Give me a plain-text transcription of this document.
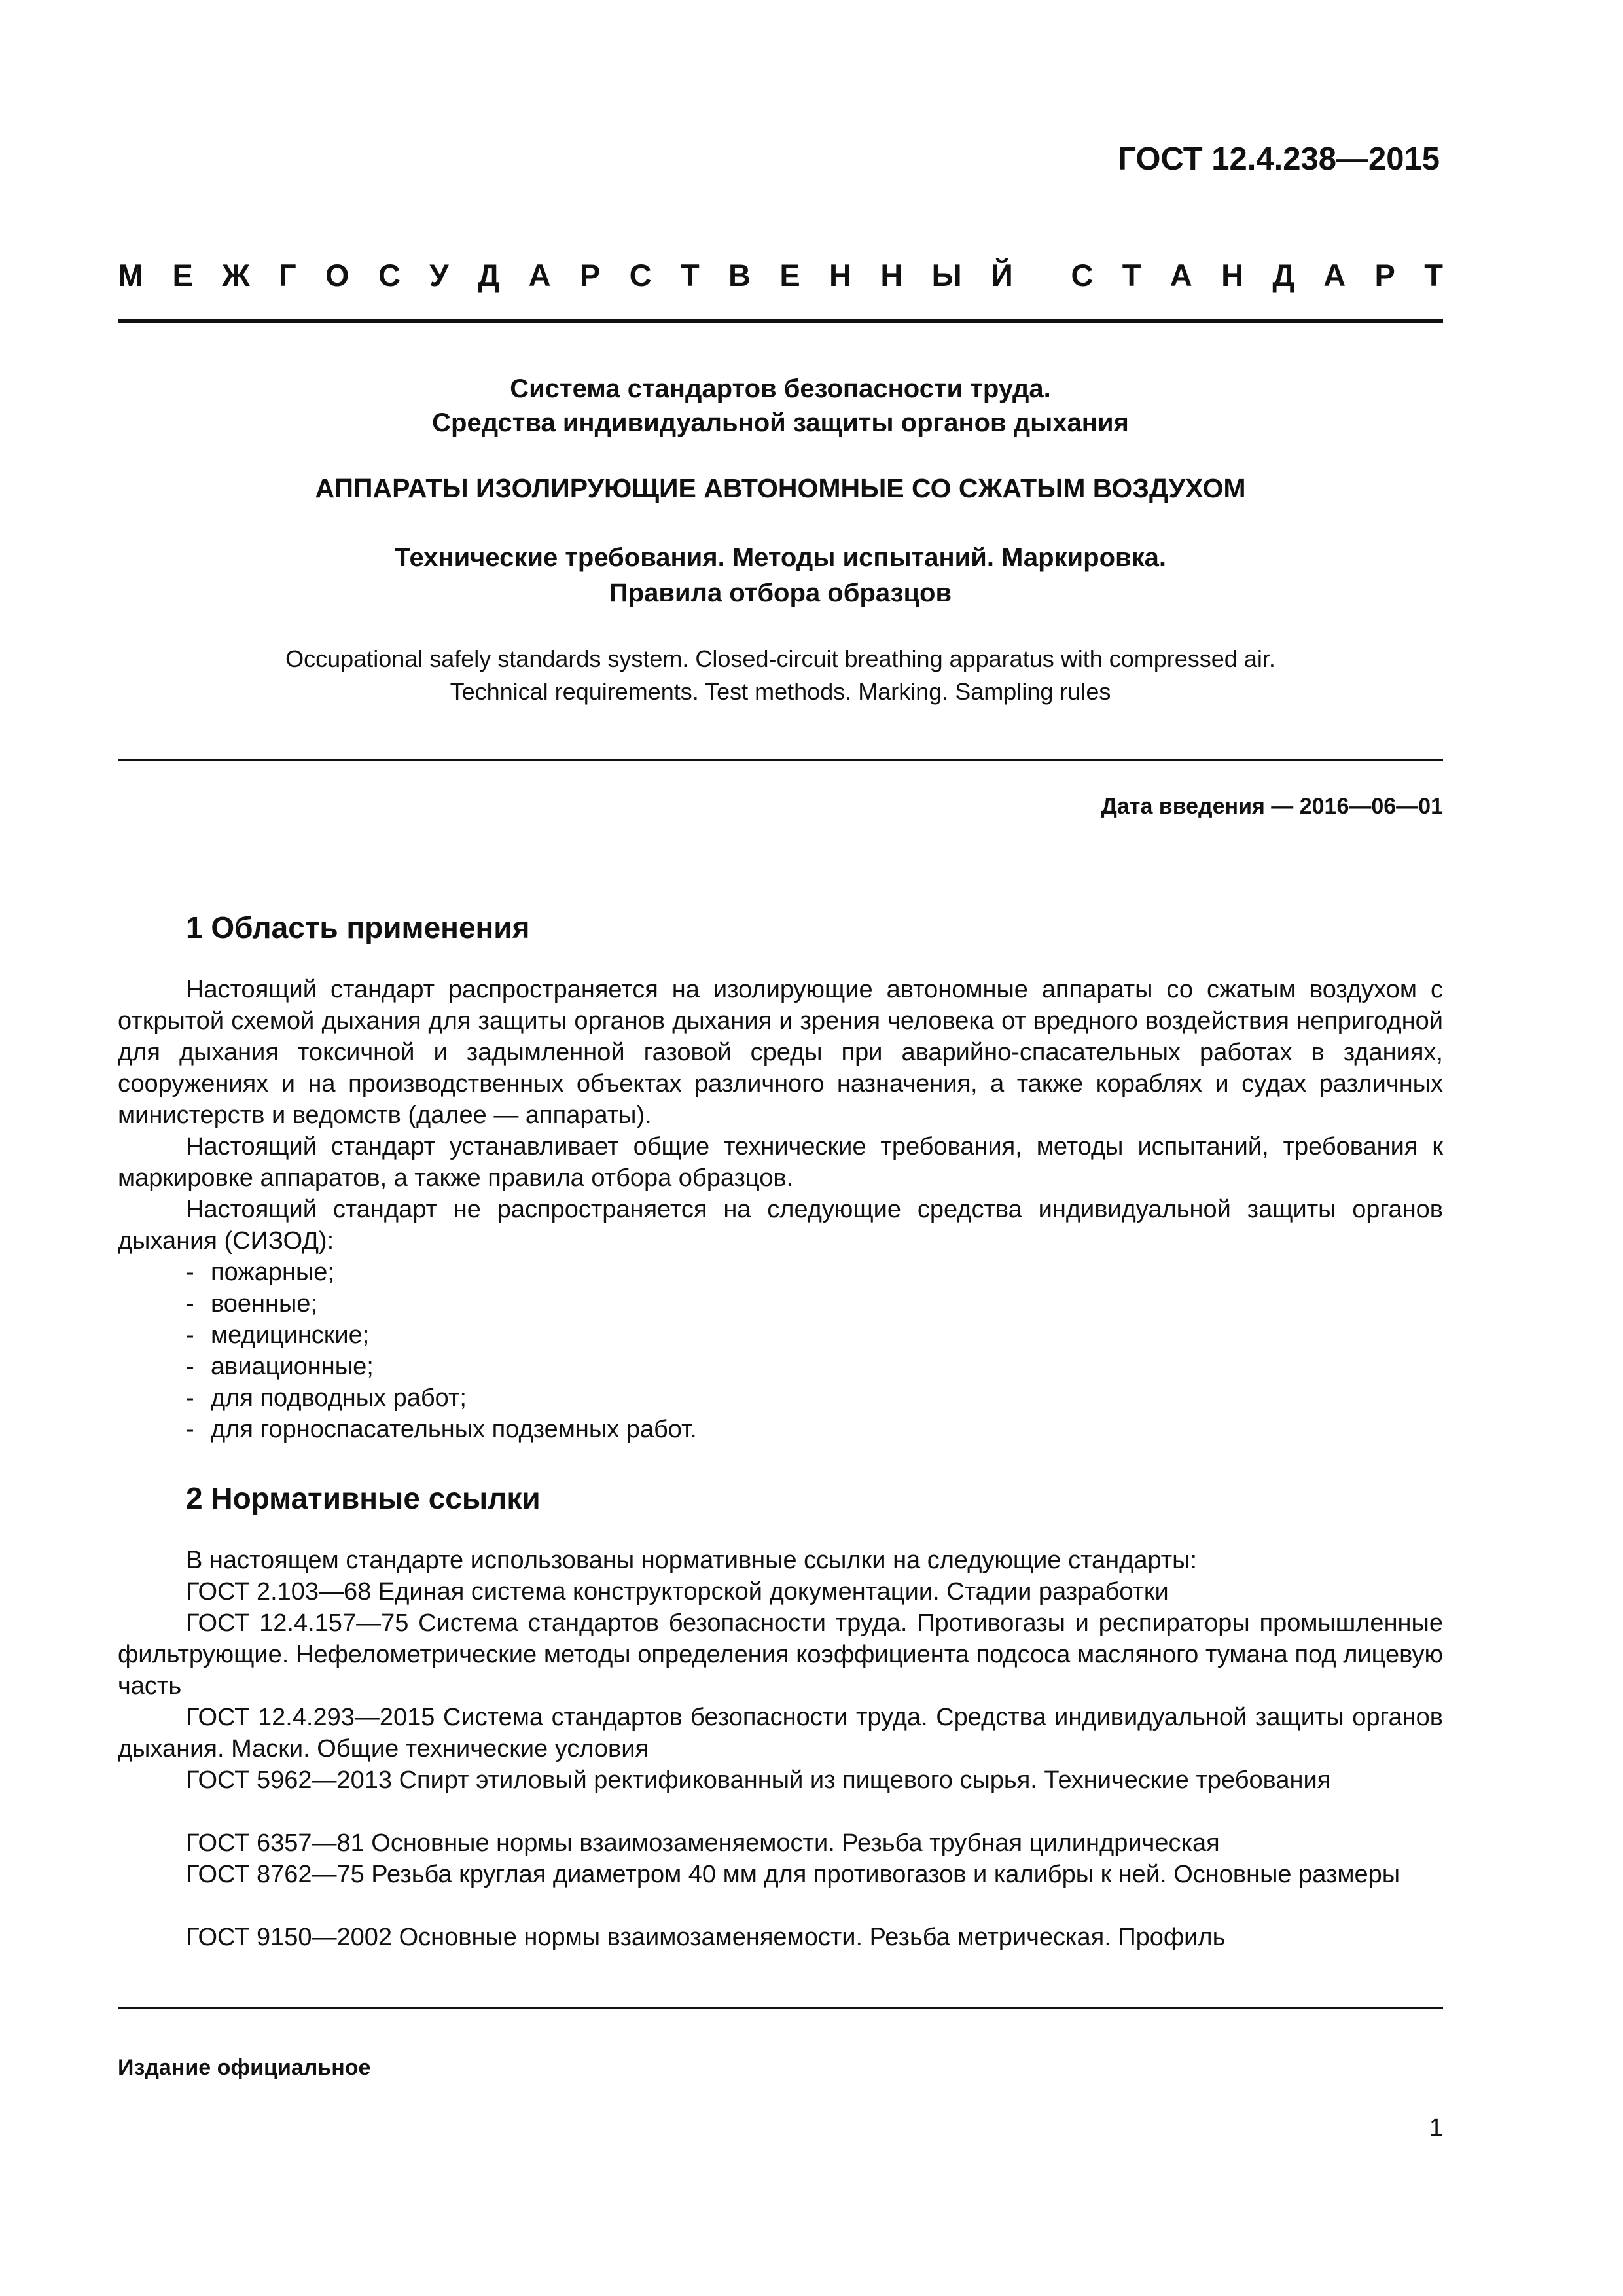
ГОСТ 12.4.238—2015
М Е Ж Г О С У Д А Р С Т В Е Н Н Ы Й С Т А Н Д А Р Т
Система стандартов безопасности труда.
Средства индивидуальной защиты органов дыхания
АППАРАТЫ ИЗОЛИРУЮЩИЕ АВТОНОМНЫЕ СО СЖАТЫМ ВОЗДУХОМ
Технические требования. Методы испытаний. Маркировка.
Правила отбора образцов
Occupational safely standards system. Closed-circuit breathing apparatus with compressed air.
Technical requirements. Test methods. Marking. Sampling rules
Дата введения — 2016—06—01
1 Область применения
Настоящий стандарт распространяется на изолирующие автономные аппараты со сжатым воздухом с открытой схемой дыхания для защиты органов дыхания и зрения человека от вредного воздействия непригодной для дыхания токсичной и задымленной газовой среды при аварийно-спасательных работах в зданиях, сооружениях и на производственных объектах различного назначения, а также кораблях и судах различных министерств и ведомств (далее — аппараты).
Настоящий стандарт устанавливает общие технические требования, методы испытаний, требования к маркировке аппаратов, а также правила отбора образцов.
Настоящий стандарт не распространяется на следующие средства индивидуальной защиты органов дыхания (СИЗОД):
- пожарные;
- военные;
- медицинские;
- авиационные;
- для подводных работ;
- для горноспасательных подземных работ.
2 Нормативные ссылки
В настоящем стандарте использованы нормативные ссылки на следующие стандарты:
ГОСТ 2.103—68 Единая система конструкторской документации. Стадии разработки
ГОСТ 12.4.157—75 Система стандартов безопасности труда. Противогазы и респираторы промышленные фильтрующие. Нефелометрические методы определения коэффициента подсоса масляного тумана под лицевую часть
ГОСТ 12.4.293—2015 Система стандартов безопасности труда. Средства индивидуальной защиты органов дыхания. Маски. Общие технические условия
ГОСТ 5962—2013 Спирт этиловый ректификованный из пищевого сырья. Технические требования
ГОСТ 6357—81 Основные нормы взаимозаменяемости. Резьба трубная цилиндрическая
ГОСТ 8762—75 Резьба круглая диаметром 40 мм для противогазов и калибры к ней. Основные размеры
ГОСТ 9150—2002 Основные нормы взаимозаменяемости. Резьба метрическая. Профиль
Издание официальное
1
